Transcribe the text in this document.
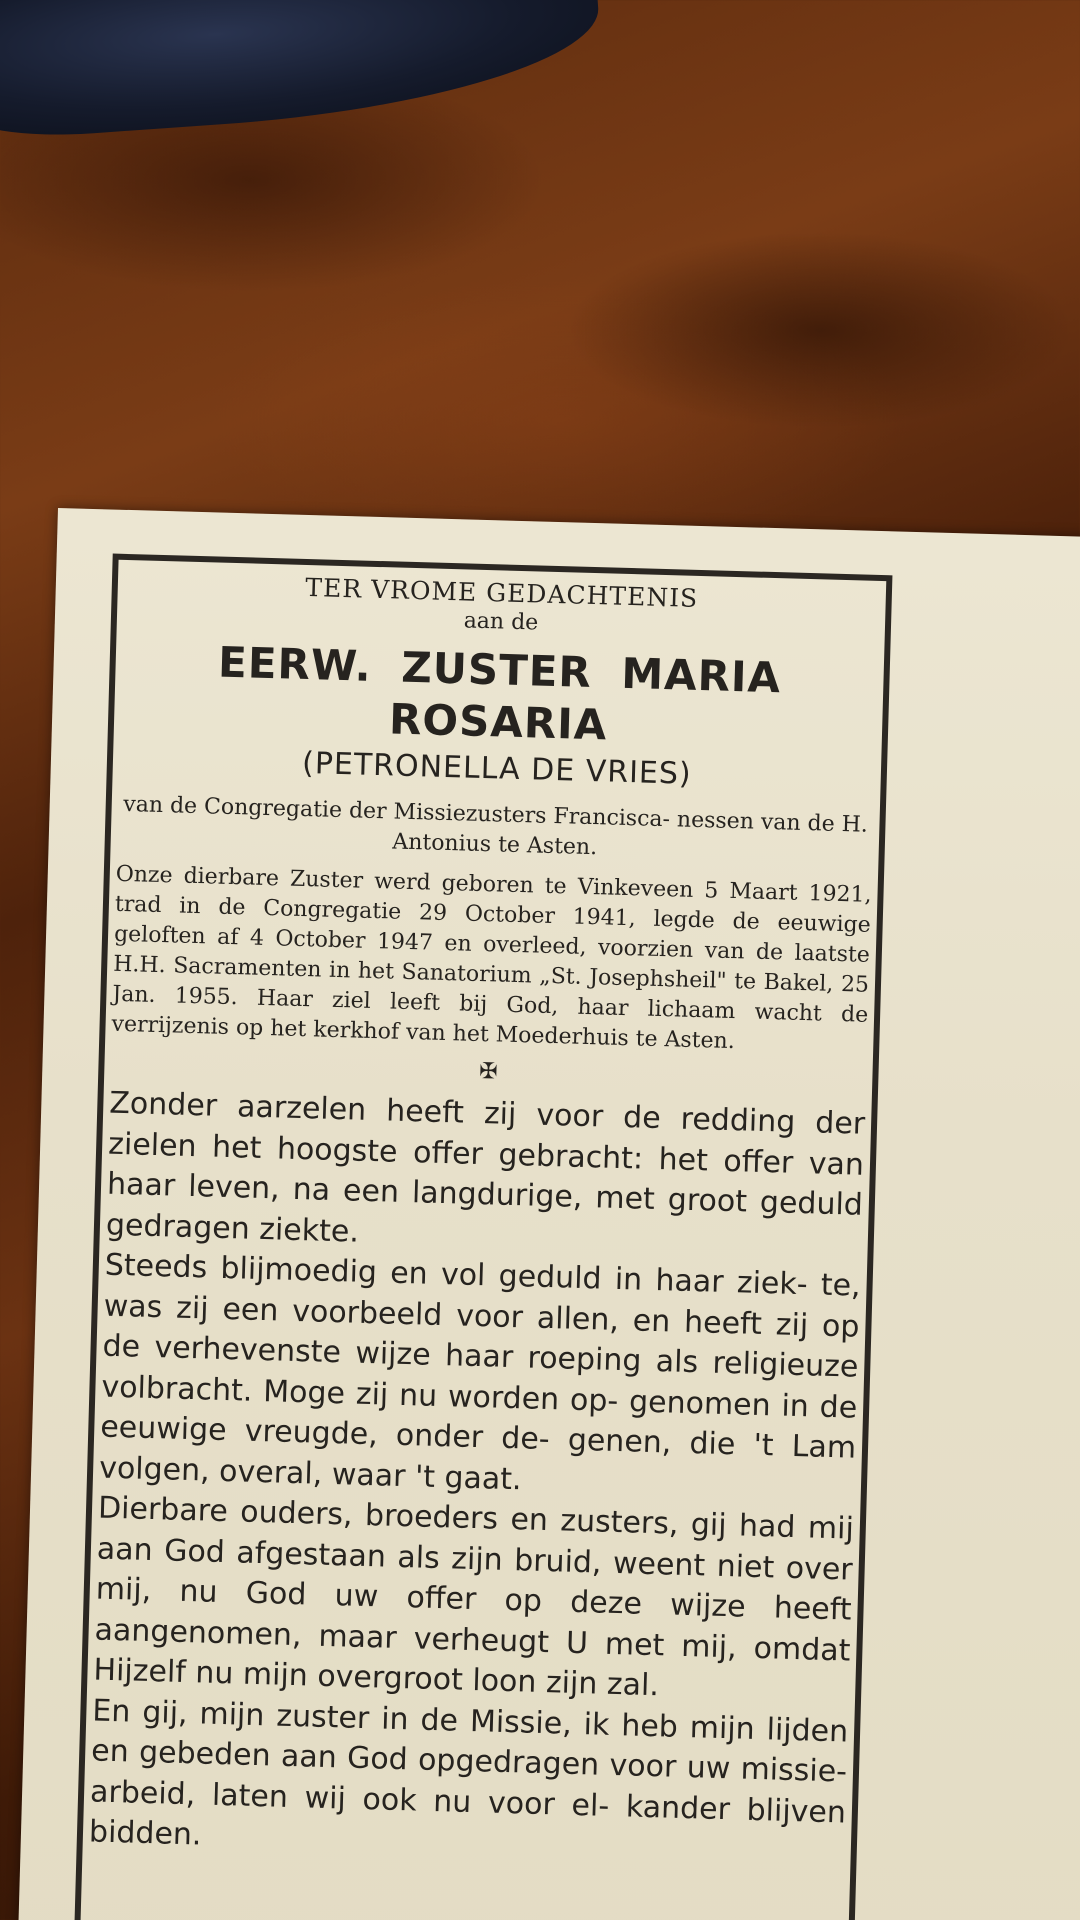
TER VROME GEDACHTENIS

aan de

EERW. ZUSTER MARIA ROSARIA

(PETRONELLA DE VRIES)

van de Congregatie der Missiezusters Francisca- nessen van de H. Antonius te Asten.

Onze dierbare Zuster werd geboren te Vinkeveen 5 Maart 1921, trad in de Congregatie 29 October 1941, legde de eeuwige geloften af 4 October 1947 en overleed, voorzien van de laatste H.H. Sacramenten in het Sanatorium „St. Josephsheil" te Bakel, 25 Jan. 1955. Haar ziel leeft bij God, haar lichaam wacht de verrijzenis op het kerkhof van het Moederhuis te Asten.

✠

Zonder aarzelen heeft zij voor de redding der zielen het hoogste offer gebracht: het offer van haar leven, na een langdurige, met groot geduld gedragen ziekte.

Steeds blijmoedig en vol geduld in haar ziek- te, was zij een voorbeeld voor allen, en heeft zij op de verhevenste wijze haar roeping als religieuze volbracht. Moge zij nu worden op- genomen in de eeuwige vreugde, onder de- genen, die 't Lam volgen, overal, waar 't gaat.

Dierbare ouders, broeders en zusters, gij had mij aan God afgestaan als zijn bruid, weent niet over mij, nu God uw offer op deze wijze heeft aangenomen, maar verheugt U met mij, omdat Hijzelf nu mijn overgroot loon zijn zal.

En gij, mijn zuster in de Missie, ik heb mijn lijden en gebeden aan God opgedragen voor uw missie-arbeid, laten wij ook nu voor el- kander blijven bidden.
